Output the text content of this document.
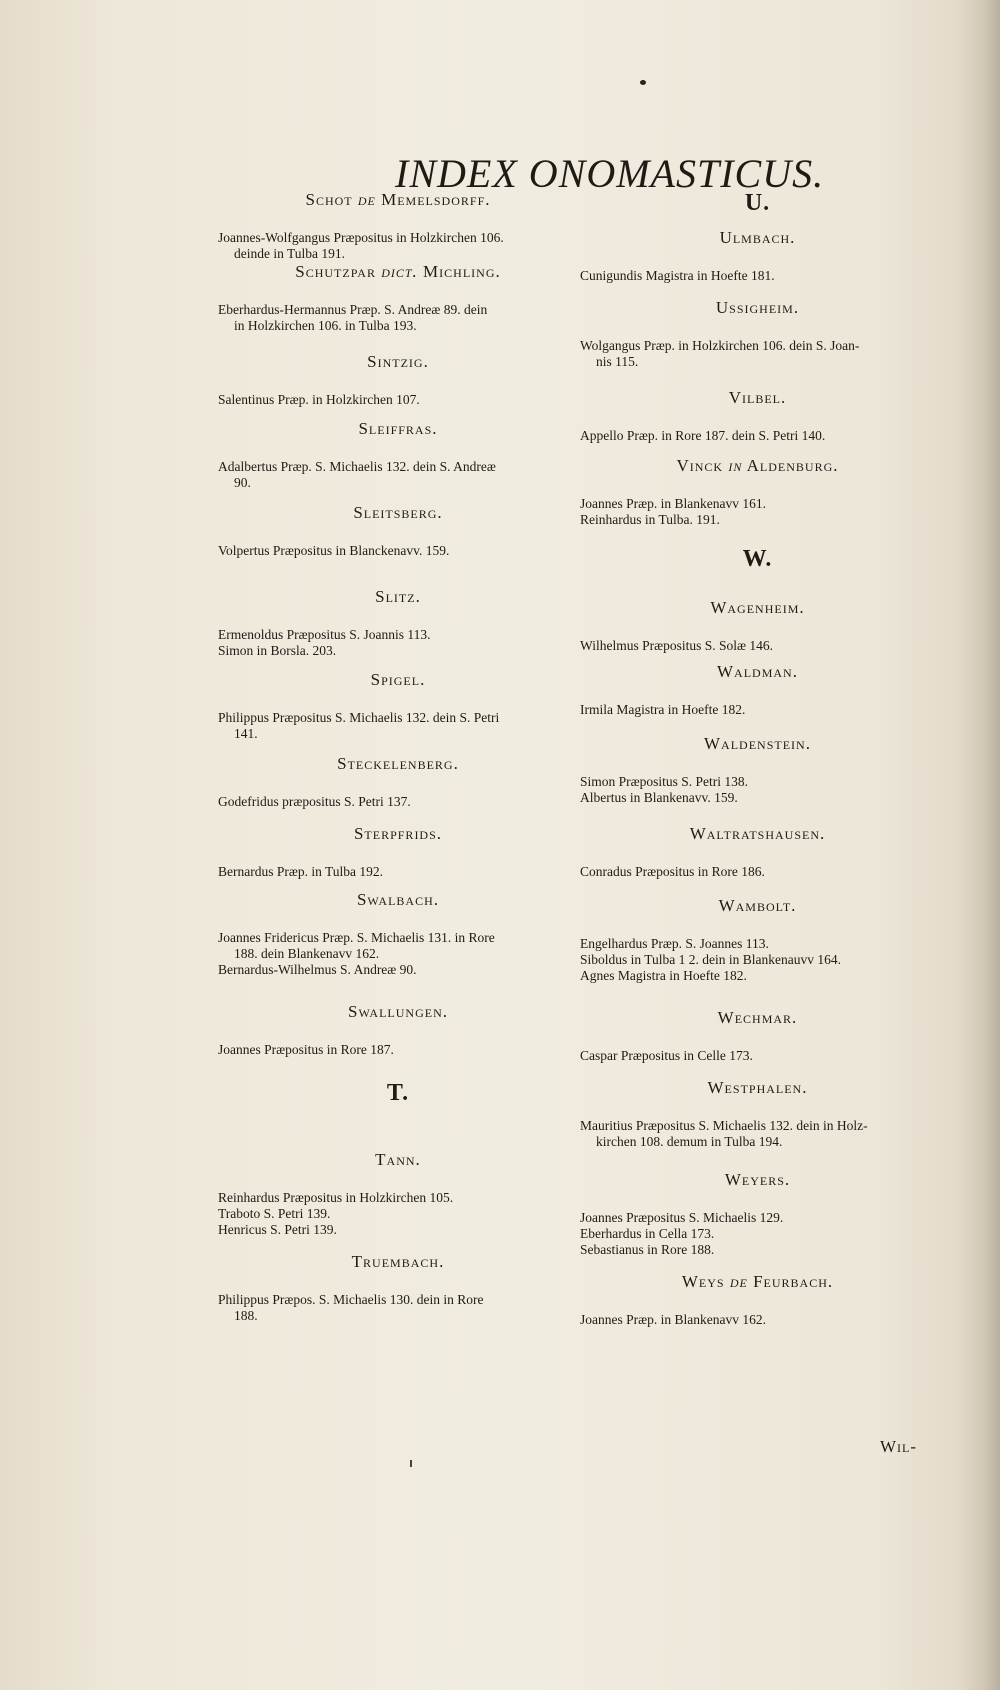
INDEX ONOMASTICUS.
Schot de Memelsdorff.
Joannes-Wolfgangus Præpositus in Holzkirchen 106.
deinde in Tulba 191.
Schutzpar dict. Michling.
Eberhardus-Hermannus Præp. S. Andreæ 89. dein
in Holzkirchen 106. in Tulba 193.
Sintzig.
Salentinus Præp. in Holzkirchen 107.
Sleiffras.
Adalbertus Præp. S. Michaelis 132. dein S. Andreæ
90.
Sleitsberg.
Volpertus Præpositus in Blanckenavv. 159.
Slitz.
Ermenoldus Præpositus S. Joannis 113.
Simon in Borsla. 203.
Spigel.
Philippus Præpositus S. Michaelis 132. dein S. Petri
141.
Steckelenberg.
Godefridus præpositus S. Petri 137.
Sterpfrids.
Bernardus Præp. in Tulba 192.
Swalbach.
Joannes Fridericus Præp. S. Michaelis 131. in Rore
188. dein Blankenavv 162.
Bernardus-Wilhelmus S. Andreæ 90.
Swallungen.
Joannes Præpositus in Rore 187.
T.
Tann.
Reinhardus Præpositus in Holzkirchen 105.
Traboto S. Petri 139.
Henricus S. Petri 139.
Truembach.
Philippus Præpos. S. Michaelis 130. dein in Rore
188.
U.
Ulmbach.
Cunigundis Magistra in Hoefte 181.
Ussigheim.
Wolgangus Præp. in Holzkirchen 106. dein S. Joan-
nis 115.
Vilbel.
Appello Præp. in Rore 187. dein S. Petri 140.
Vinck in Aldenburg.
Joannes Præp. in Blankenavv 161.
Reinhardus in Tulba. 191.
W.
Wagenheim.
Wilhelmus Præpositus S. Solæ 146.
Waldman.
Irmila Magistra in Hoefte 182.
Waldenstein.
Simon Præpositus S. Petri 138.
Albertus in Blankenavv. 159.
Waltratshausen.
Conradus Præpositus in Rore 186.
Wambolt.
Engelhardus Præp. S. Joannes 113.
Siboldus in Tulba 1 2. dein in Blankenauvv 164.
Agnes Magistra in Hoefte 182.
Wechmar.
Caspar Præpositus in Celle 173.
Westphalen.
Mauritius Præpositus S. Michaelis 132. dein in Holz-
kirchen 108. demum in Tulba 194.
Weyers.
Joannes Præpositus S. Michaelis 129.
Eberhardus in Cella 173.
Sebastianus in Rore 188.
Weys de Feurbach.
Joannes Præp. in Blankenavv 162.
Wil-
